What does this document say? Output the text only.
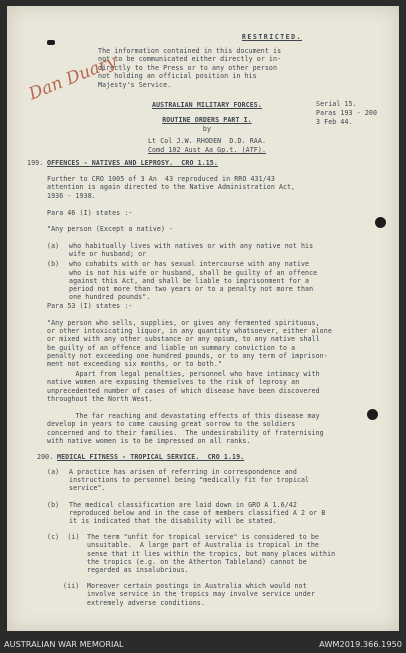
RESTRICTED.
The information contained in this document is
not to be communicated either directly or in-
directly to the Press or to any other person
not holding an official position in his
Majesty's Service.
Dan Duary
AUSTRALIAN MILITARY FORCES.
ROUTINE ORDERS PART I.
by
Lt Col J.W. RHODEN  D.D. RAA.
Comd 102 Aust Aa Gp.t. (ATF).
Serial 15.
Paras 193 - 200
3 Feb 44.
199. OFFENCES - NATIVES AND LEPROSY.  CRO 1.15.
Further to CRO 1005 of 3 An  43 reproduced in RRO 431/43
attention is again directed to the Native Administration Act,
1936 - 1938.
Para 46 (I) states :-
"Any person (Except a native) -
(a) who habitually lives with natives or with any native not his
wife or husband; or
(b) who cohabits with or has sexual intercourse with any native
who is not his wife or husband, shall be guilty of an offence
against this Act, and shall be liable to imprisonment for a
period not more than two years or to a penalty not more than
one hundred pounds".
Para 53 (I) states :-
"Any person who sells, supplies, or gives any fermented spirituous,
or other intoxicating liquor, in any quantity whatsoever, either alone
or mixed with any other substance or any opium, to any native shall
be guilty of an offence and liable on summary conviction to a
penalty not exceeding one hundred pounds, or to any term of imprison-
ment not exceeding six months, or to both."
Apart from legal penalties, personnel who have intimacy with
native women are exposing themselves to the risk of leprosy an
unprecedented number of cases of which disease have been discovered
throughout the North West.
The far reaching and devastating effects of this disease may
develop in years to come causing great sorrow to the soldiers
concerned and to their families.  The undesirability of fraternising
with native women is to be impressed on all ranks.
200. MEDICAL FITNESS - TROPICAL SERVICE.  CRO 1.19.
(a) A practice has arisen of referring in correspondence and
instructions to personnel being "medically fit for tropical
service".
(b) The medical classification are laid down in GRO A 1.6/42
reproduced below and in the case of members classified A 2 or B
it is indicated that the disability will be stated.
(c)  (i) The term "unfit for tropical service" is considered to be
unsuitable.  A large part of Australia is tropical in the
sense that it lies within the tropics, but many places within
the tropics (e.g. on the Atherton Tableland) cannot be
regarded as insalubrious.
(ii) Moreover certain postings in Australia which would not
involve service in the tropics may involve service under
extremely adverse conditions.
AUSTRALIAN WAR MEMORIAL	AWM2019.366.1950
